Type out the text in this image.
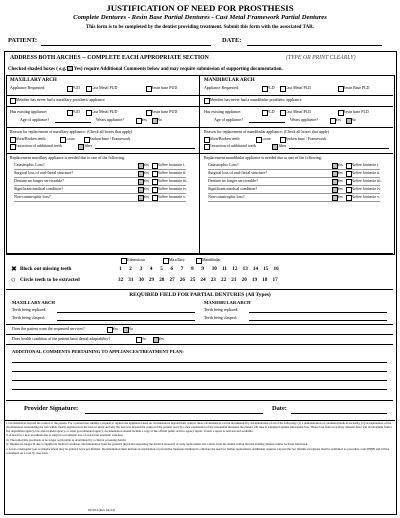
JUSTIFICATION OF NEED FOR PROSTHESIS
Complete Dentures - Resin Base Partial Dentures - Cast Metal Framework Partial Dentures
This form is to be completed by the dentist providing treatment. Submit this form with the associated TAR.
PATIENT:	DATE:
ADDRESS BOTH ARCHES -- COMPLETE EACH APPROPRIATE SECTION	(TYPE OR PRINT CLEARLY)
Checked shaded boxes ( e.g. Yes) require Additional Comments below and may require submission of supporting documentation.
MAXILLARY ARCH
Appliance Requested:	FUD	Cast Metal PUD	Resin base PUD
Member has never had a maxillary prosthetic appliance
Has existing appliance:	FUD	Cast Metal PUD	Resin base PUD
Age of appliance?	Wears appliance?	Yes	No
Reason for replacement of maxillary appliance: (Check all boxes that apply)
Worn/Broken teeth	Loose	Broken base / Framework
Extraction of additional teeth	Other
MANDIBULAR ARCH
Appliance Requested:	FLD	Cast Metal PLD	Resin Base PLD
Member has never had a mandibular prosthetic appliance
Has existing appliance:	FLD	Cast Metal PLD	Resin base PLD
Age of appliance?	Wears appliance?	Yes	No
Reason for replacement of mandibular appliance: (Check all boxes that apply)
Worn/Broken teeth	Loose	Broken base / Framework
Extraction of additional teeth	Other
Replacement maxillary appliance is needed due to one of the following:	Replacement mandibular appliance is needed due to one of the following:
Catastrophic Loss?	Yes No See footnote i.	Catastrophic Loss?	Yes No See footnote i.
Surgical loss of oral-facial structure?	Yes No See footnote ii.	Surgical loss of oral-facial structure?	Yes No See footnote ii.
Denture no longer serviceable?	Yes No See footnote iii.	Denture no longer serviceable?	Yes No See footnote iii.
Significant medical condition?	Yes No See footnote iv.	Significant medical condition?	Yes No See footnote iv.
Non-catastrophic loss?	Yes No See footnote v.	Non-catastrophic loss?	Yes No See footnote v.
Edentulous	Maxillary	Mandibular
✖ Block out missing teeth
○ Circle teeth to be extracted
1 2 3 4 5 6 7 8 9 10 11 12 13 14 15 16
32 31 30 29 28 27 26 25 24 23 22 21 20 19 18 17
REQUIRED FIELD FOR PARTIAL DENTURES (All Types)
MAXILLARY ARCH
Teeth being replaced:
Teeth being clasped:
MANDIBULAR ARCH
Teeth being replaced:
Teeth being clasped:
Does the patient want the requested services?	Yes	No
Does health condition of the patient limit dental adaptability?	No	Yes
ADDITIONAL COMMENTS PERTAINING TO APPLIANCES/TREATMENT PLAN:
Provider Signature:	Date:
i. Circumstances beyond the control of the patient. For a patient that submits a request to replace the appliance based on circumstances beyond their control, those circumstances can be documented by documentation of all of the following: (1) a demonstration of continued medical necessity, (2) an explanation of the circumstances surrounding the loss which clearly explains how the loss occurred and why the loss was beyond the control of the patient; and (3) a clear explanation of the reasonable measures the patient will take to safeguard against subsequent loss. Where loss from an activity wherein there was involvement from a fire department agency, law enforcement agency, or other governmental agency, documentation should include a copy of the official public service agency report, if such a report is relevant and available.
ii. A need for a new prosthesis due to surgical or traumatic loss of oral-facial anatomic structure.
iii. The removable prosthesis is no longer serviceable as determined by a clinical screening dentist.
iv. Denture no longer fit due to significant medical condition. Documentation from the patient's physician supporting the medical necessity of early replacement and a letter from the dentist stating that the existing denture cannot be made functional.
v. A non-catastrophic loss or misplacement may be granted twice per lifetime. Documentation must include an explanation of preventive measures instituted to alleviate the need for further replacement. Additional requests, beyond the two lifetime exceptions shall be submitted as procedure code D5899 and will be considered on a case by case basis.
DC054 (Rev 02/24)
